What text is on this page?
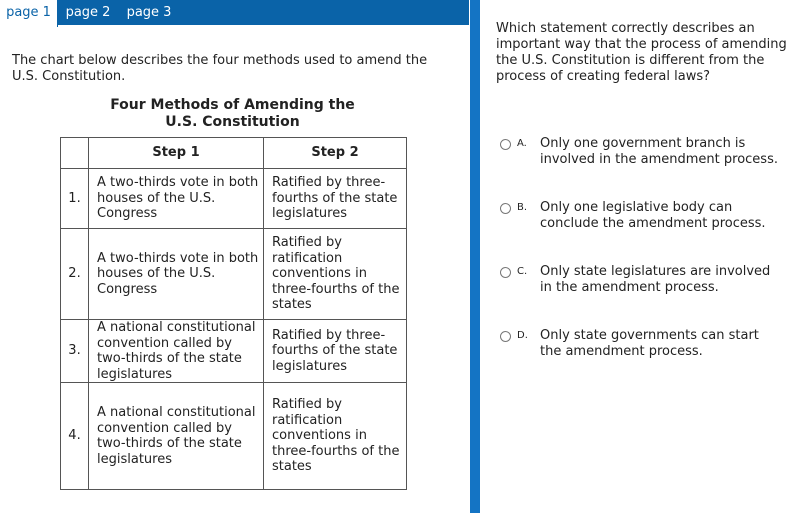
page 1	page 2	page 3
The chart below describes the four methods used to amend the U.S. Constitution.
Four Methods of Amending the
U.S. Constitution
	Step 1	Step 2
1.	A two-thirds vote in both houses of the U.S. Congress	Ratified by three-fourths of the state legislatures
2.	A two-thirds vote in both houses of the U.S. Congress	Ratified by ratification conventions in three-fourths of the states
3.	A national constitutional convention called by two-thirds of the state legislatures	Ratified by three-fourths of the state legislatures
4.	A national constitutional convention called by two-thirds of the state legislatures	Ratified by ratification conventions in three-fourths of the states
Which statement correctly describes an important way that the process of amending the U.S. Constitution is different from the process of creating federal laws?
A. Only one government branch is involved in the amendment process.
B. Only one legislative body can conclude the amendment process.
C. Only state legislatures are involved in the amendment process.
D. Only state governments can start the amendment process.
